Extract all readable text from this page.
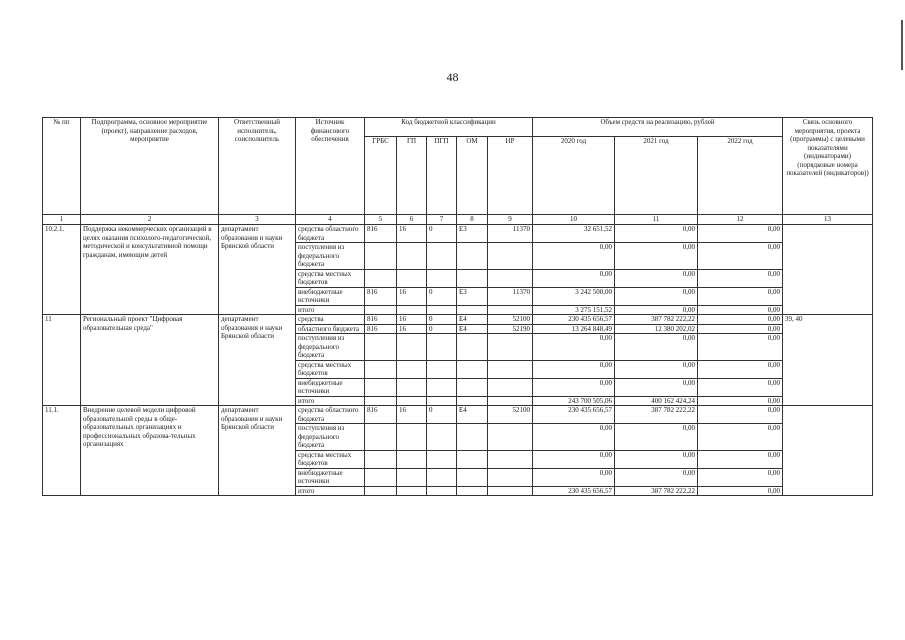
48
№ пп	Подпрограмма, основное мероприятие (проект), направление расходов, мероприятие	Ответственный исполнитель, соисполнитель	Источник финансового обеспечения	Код бюджетной классификации					Объем средств на реализацию, рублей			Связь основного мероприятия, проекта (программы) с целевыми показателями (индикаторами) (порядковые номера показателей (индикаторов))
				ГРБС	ГП	ПГП	ОМ	НР	2020 год	2021 год	2022 год	
1	2	3	4	5	6	7	8	9	10	11	12	13
10.2.1.	Поддержка некоммерческих организаций в целях оказания психолого-педагогической, методической и консультативной помощи гражданам, имеющим детей	департамент образования и науки Брянской области	средства областного бюджета	816	16	0	Е3	11370	32 651,52	0,00	0,00	
			поступления из федерального бюджета						0,00	0,00	0,00	
			средства местных бюджетов						0,00	0,00	0,00	
			внебюджетные источники	816	16	0	Е3	11370	3 242 500,00	0,00	0,00	
			итого						3 275 151,52	0,00	0,00	
11	Региональный проект "Цифровая образовательная среда"	департамент образования и науки Брянской области	средства	816	16	0	Е4	52100	230 435 656,57	387 782 222,22	0,00	39, 40
			областного бюджета	816	16	0	Е4	52190	13 264 848,49	12 380 202,02	0,00	
			поступления из федерального бюджета						0,00	0,00	0,00	
			средства местных бюджетов						0,00	0,00	0,00	
			внебюджетные источники						0,00	0,00	0,00	
			итого						243 700 505,06	400 162 424,24	0,00	
11.1.	Внедрение целевой модели цифровой образовательной среды в обще-образовательных организациях и профессиональных образова-тельных организациях	департамент образования и науки Брянской области	средства областного бюджета	816	16	0	Е4	52100	230 435 656,57	387 782 222,22	0,00	
			поступления из федерального бюджета						0,00	0,00	0,00	
			средства местных бюджетов						0,00	0,00	0,00	
			внебюджетные источники						0,00	0,00	0,00	
			итого						230 435 656,57	387 782 222,22	0,00	
